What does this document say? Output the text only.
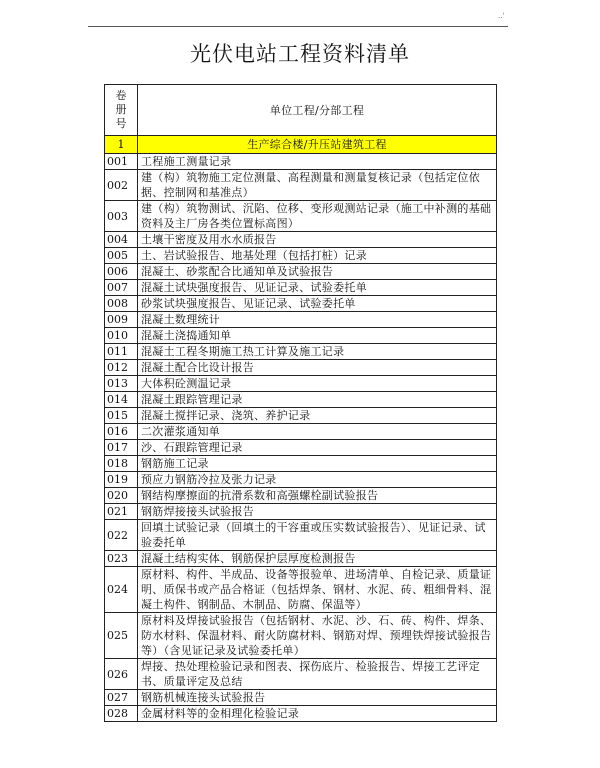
..'
光伏电站工程资料清单
卷册号	单位工程/分部工程
1	生产综合楼/升压站建筑工程
001	工程施工测量记录
002	建（构）筑物施工定位测量、高程测量和测量复核记录（包括定位依据、控制网和基准点）
003	建（构）筑物测试、沉陷、位移、变形观测站记录（施工中补测的基础资料及主厂房各类位置标高图）
004	土壤干密度及用水水质报告
005	土、岩试验报告、地基处理（包括打桩）记录
006	混凝土、砂浆配合比通知单及试验报告
007	混凝土试块强度报告、见证记录、试验委托单
008	砂浆试块强度报告、见证记录、试验委托单
009	混凝土数理统计
010	混凝土浇捣通知单
011	混凝土工程冬期施工热工计算及施工记录
012	混凝土配合比设计报告
013	大体积砼测温记录
014	混凝土跟踪管理记录
015	混凝土搅拌记录、浇筑、养护记录
016	二次灌浆通知单
017	沙、石跟踪管理记录
018	钢筋施工记录
019	预应力钢筋冷拉及张力记录
020	钢结构摩擦面的抗滑系数和高强螺栓副试验报告
021	钢筋焊接接头试验报告
022	回填土试验记录（回填土的干容重或压实数试验报告）、见证记录、试验委托单
023	混凝土结构实体、钢筋保护层厚度检测报告
024	原材料、构件、半成品、设备等报验单、进场清单、自检记录、质量证明、质保书或产品合格证（包括焊条、钢材、水泥、砖、粗细骨料、混凝土构件、钢制品、木制品、防腐、保温等）
025	原材料及焊接试验报告（包括钢材、水泥、沙、石、砖、构件、焊条、防水材料、保温材料、耐火防腐材料、钢筋对焊、预埋铁焊接试验报告等）（含见证记录及试验委托单）
026	焊接、热处理检验记录和图表、探伤底片、检验报告、焊接工艺评定书、质量评定及总结
027	钢筋机械连接头试验报告
028	金属材料等的金相理化检验记录
